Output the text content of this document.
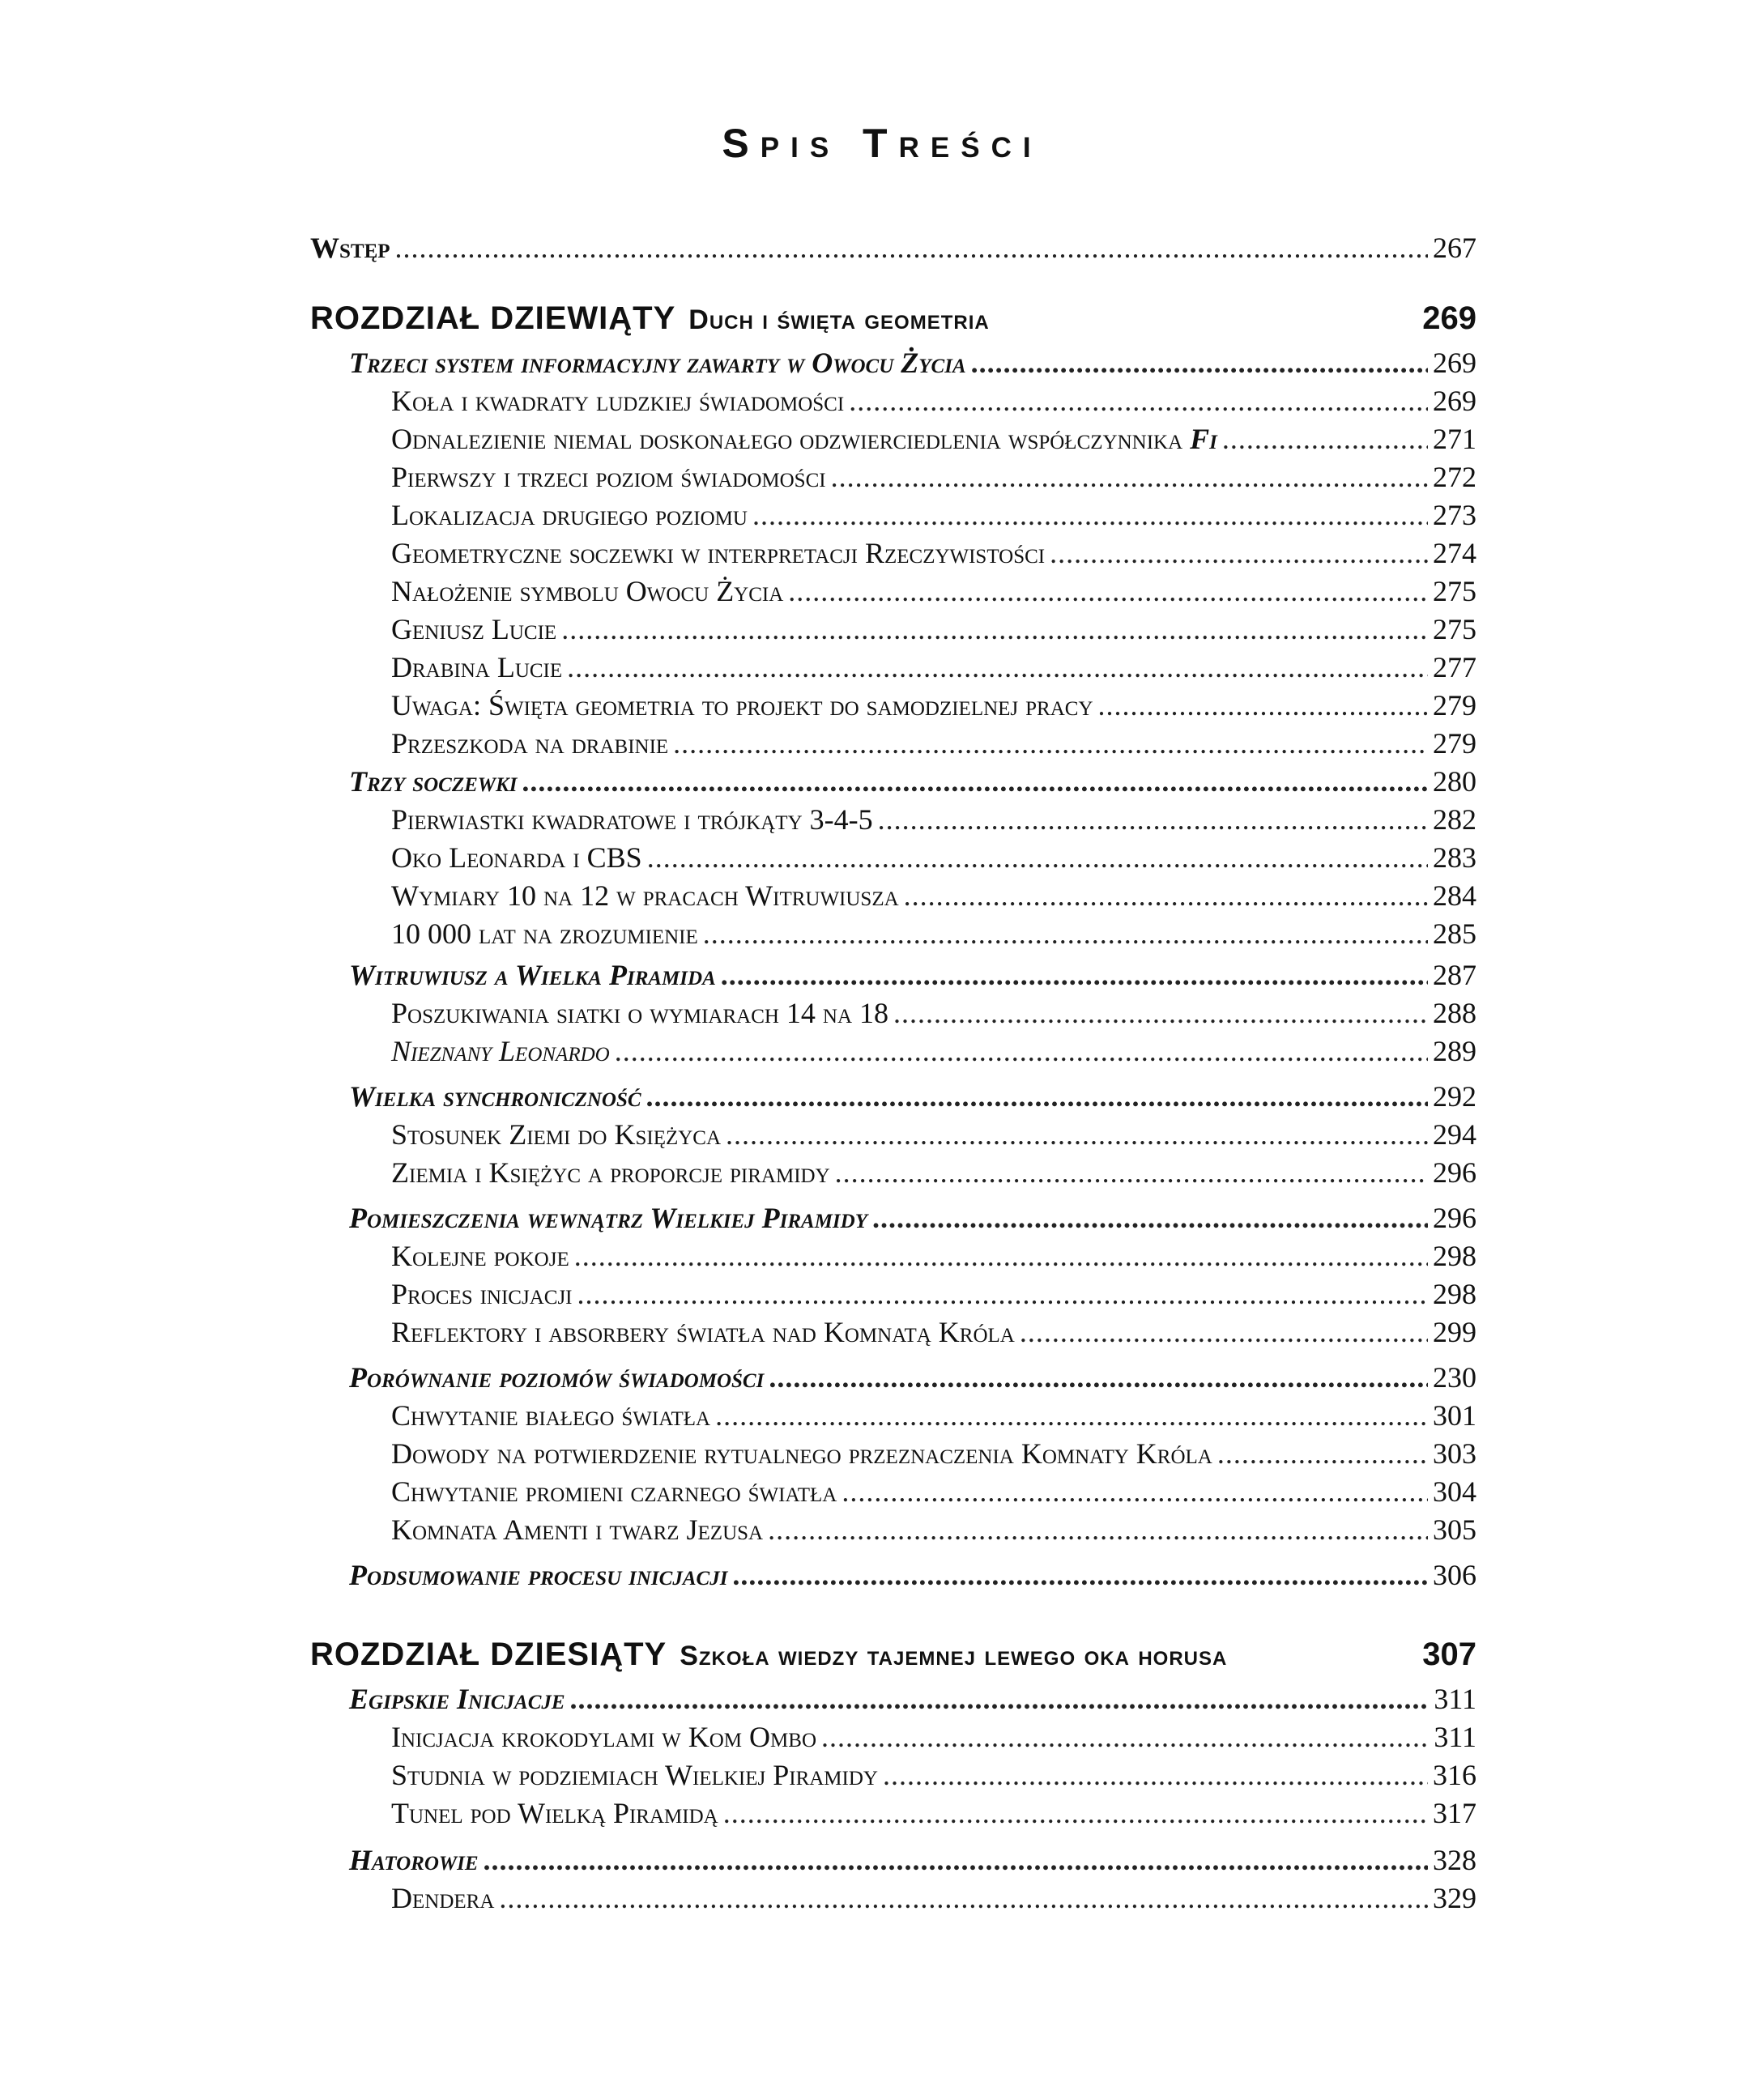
Spis Treści
Wstęp .....	267
ROZDZIAŁ DZIEWIĄTY Duch i święta geometria	269
Trzeci system informacyjny zawarty w Owocu Życia .....	269
Koła i kwadraty ludzkiej świadomości .....	269
Odnalezienie niemal doskonałego odzwierciedlenia współczynnika Fi .....	271
Pierwszy i trzeci poziom świadomości .....	272
Lokalizacja drugiego poziomu .....	273
Geometryczne soczewki w interpretacji Rzeczywistości .....	274
Nałożenie symbolu Owocu Życia .....	275
Geniusz Lucie .....	275
Drabina Lucie .....	277
Uwaga: Święta geometria to projekt do samodzielnej pracy .....	279
Przeszkoda na drabinie .....	279
Trzy soczewki .....	280
Pierwiastki kwadratowe i trójkąty 3-4-5 .....	282
Oko Leonarda i CBS .....	283
Wymiary 10 na 12 w pracach Witruwiusza .....	284
10 000 lat na zrozumienie .....	285
Witruwiusz a Wielka Piramida .....	287
Poszukiwania siatki o wymiarach 14 na 18 .....	288
Nieznany Leonardo .....	289
Wielka synchroniczność .....	292
Stosunek Ziemi do Księżyca .....	294
Ziemia i Księżyc a proporcje piramidy .....	296
Pomieszczenia wewnątrz Wielkiej Piramidy .....	296
Kolejne pokoje .....	298
Proces inicjacji .....	298
Reflektory i absorbery światła nad Komnatą Króla .....	299
Porównanie poziomów świadomości .....	230
Chwytanie białego światła .....	301
Dowody na potwierdzenie rytualnego przeznaczenia Komnaty Króla .....	303
Chwytanie promieni czarnego światła .....	304
Komnata Amenti i twarz Jezusa .....	305
Podsumowanie procesu inicjacji .....	306
ROZDZIAŁ DZIESIĄTY Szkoła wiedzy tajemnej lewego oka horusa	307
Egipskie Inicjacje .....	311
Inicjacja krokodylami w Kom Ombo .....	311
Studnia w podziemiach Wielkiej Piramidy .....	316
Tunel pod Wielką Piramidą .....	317
Hatorowie .....	328
Dendera .....	329
